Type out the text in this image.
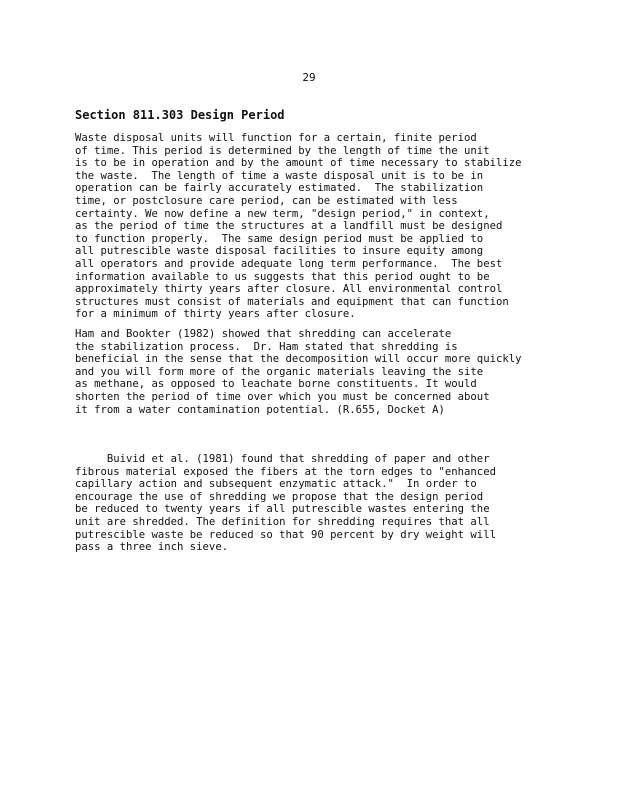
29
Section 811.303 Design Period
Waste disposal units will function for a certain, finite period
of time. This period is determined by the length of time the unit
is to be in operation and by the amount of time necessary to stabilize
the waste.  The length of time a waste disposal unit is to be in
operation can be fairly accurately estimated.  The stabilization
time, or postclosure care period, can be estimated with less
certainty. We now define a new term, "design period," in context,
as the period of time the structures at a landfill must be designed
to function properly.  The same design period must be applied to
all putrescible waste disposal facilities to insure equity among
all operators and provide adequate long term performance.  The best
information available to us suggests that this period ought to be
approximately thirty years after closure. All environmental control
structures must consist of materials and equipment that can function
for a minimum of thirty years after closure.
Ham and Bookter (1982) showed that shredding can accelerate
the stabilization process.  Dr. Ham stated that shredding is
beneficial in the sense that the decomposition will occur more quickly
and you will form more of the organic materials leaving the site
as methane, as opposed to leachate borne constituents. It would
shorten the period of time over which you must be concerned about
it from a water contamination potential. (R.655, Docket A)
Buivid et al. (1981) found that shredding of paper and other
fibrous material exposed the fibers at the torn edges to "enhanced
capillary action and subsequent enzymatic attack."  In order to
encourage the use of shredding we propose that the design period
be reduced to twenty years if all putrescible wastes entering the
unit are shredded. The definition for shredding requires that all
putrescible waste be reduced so that 90 percent by dry weight will
pass a three inch sieve.
